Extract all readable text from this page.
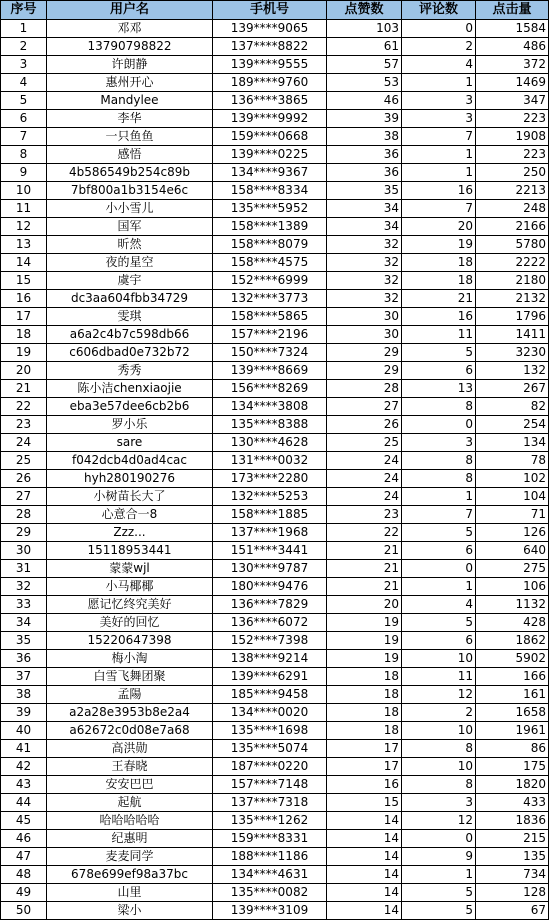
序号	用户名	手机号	点赞数	评论数	点击量
1	邓邓	139****9065	103	0	1584
2	13790798822	137****8822	61	2	486
3	许朗静	139****9555	57	4	372
4	惠州开心	189****9760	53	1	1469
5	Mandylee	136****3865	46	3	347
6	李华	139****9992	39	3	223
7	一只鱼鱼	159****0668	38	7	1908
8	感悟	139****0225	36	1	223
9	4b586549b254c89b	134****9367	36	1	250
10	7bf800a1b3154e6c	158****8334	35	16	2213
11	小小雪儿	135****5952	34	7	248
12	国军	158****1389	34	20	2166
13	昕然	158****8079	32	19	5780
14	夜的星空	158****4575	32	18	2222
15	虞宇	152****6999	32	18	2180
16	dc3aa604fbb34729	132****3773	32	21	2132
17	雯琪	158****5865	30	16	1796
18	a6a2c4b7c598db66	157****2196	30	11	1411
19	c606dbad0e732b72	150****7324	29	5	3230
20	秀秀	139****8669	29	6	132
21	陈小洁chenxiaojie	156****8269	28	13	267
22	eba3e57dee6cb2b6	134****3808	27	8	82
23	罗小乐	135****8388	26	0	254
24	sare	130****4628	25	3	134
25	f042dcb4d0ad4cac	131****0032	24	8	78
26	hyh280190276	173****2280	24	8	102
27	小树苗长大了	132****5253	24	1	104
28	心意合一8	158****1885	23	7	71
29	Zzz...	137****1968	22	5	126
30	15118953441	151****3441	21	6	640
31	蒙蒙wjl	130****9787	21	0	275
32	小马椰椰	180****9476	21	1	106
33	愿记忆终究美好	136****7829	20	4	1132
34	美好的回忆	136****6072	19	5	428
35	15220647398	152****7398	19	6	1862
36	梅小淘	138****9214	19	10	5902
37	白雪飞舞团聚	139****6291	18	11	166
38	孟陽	185****9458	18	12	161
39	a2a28e3953b8e2a4	134****0020	18	2	1658
40	a62672c0d08e7a68	135****1698	18	10	1961
41	高洪勋	135****5074	17	8	86
42	王春晓	187****0220	17	10	175
43	安安巴巴	157****7148	16	8	1820
44	起航	137****7318	15	3	433
45	哈哈哈哈哈	135****1262	14	12	1836
46	纪惠明	159****8331	14	0	215
47	麦麦同学	188****1186	14	9	135
48	678e699ef98a37bc	134****4631	14	1	734
49	山里	135****0082	14	5	128
50	梁小	139****3109	14	5	67
